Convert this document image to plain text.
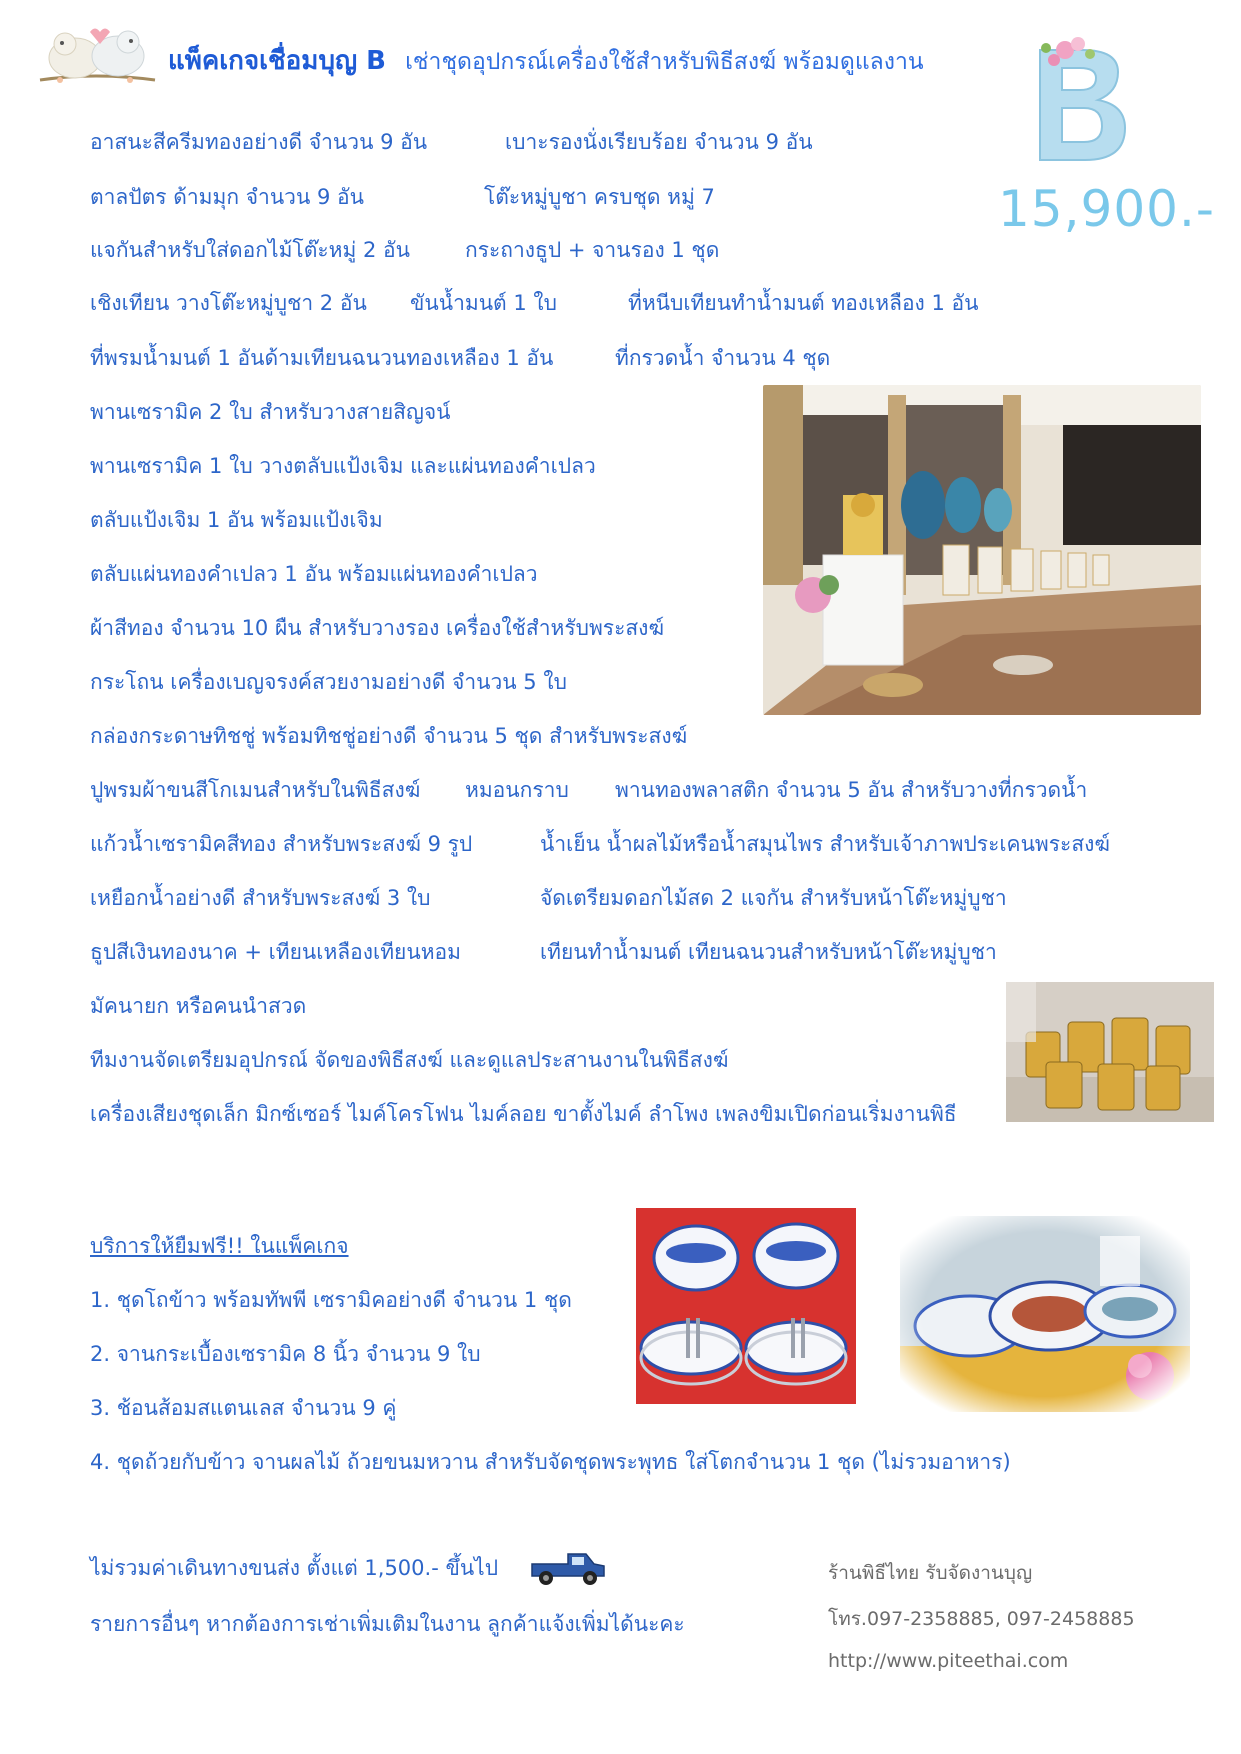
แพ็คเกจเชื่อมบุญ B เช่าชุดอุปกรณ์เครื่องใช้สำหรับพิธีสงฆ์ พร้อมดูแลงาน
15,900.-
อาสนะสีครีมทองอย่างดี จำนวน 9 อัน	เบาะรองนั่งเรียบร้อย จำนวน 9 อัน
ตาลปัตร ด้ามมุก จำนวน 9 อัน	โต๊ะหมู่บูชา ครบชุด หมู่ 7
แจกันสำหรับใส่ดอกไม้โต๊ะหมู่ 2 อัน	กระถางธูป + จานรอง 1 ชุด
เชิงเทียน วางโต๊ะหมู่บูชา 2 อัน ขันน้ำมนต์ 1 ใบ	ที่หนีบเทียนทำน้ำมนต์ ทองเหลือง 1 อัน
ที่พรมน้ำมนต์ 1 อันด้ามเทียนฉนวนทองเหลือง 1 อัน	ที่กรวดน้ำ จำนวน 4 ชุด
พานเซรามิค 2 ใบ สำหรับวางสายสิญจน์
พานเซรามิค 1 ใบ วางตลับแป้งเจิม และแผ่นทองคำเปลว
ตลับแป้งเจิม 1 อัน พร้อมแป้งเจิม
ตลับแผ่นทองคำเปลว 1 อัน พร้อมแผ่นทองคำเปลว
ผ้าสีทอง จำนวน 10 ผืน สำหรับวางรอง เครื่องใช้สำหรับพระสงฆ์
กระโถน เครื่องเบญจรงค์สวยงามอย่างดี จำนวน 5 ใบ
กล่องกระดาษทิชชู่ พร้อมทิชชู่อย่างดี จำนวน 5 ชุด สำหรับพระสงฆ์
ปูพรมผ้าขนสีโกเมนสำหรับในพิธีสงฆ์ หมอนกราบ พานทองพลาสติก จำนวน 5 อัน สำหรับวางที่กรวดน้ำ
แก้วน้ำเซรามิคสีทอง สำหรับพระสงฆ์ 9 รูป	น้ำเย็น น้ำผลไม้หรือน้ำสมุนไพร สำหรับเจ้าภาพประเคนพระสงฆ์
เหยือกน้ำอย่างดี สำหรับพระสงฆ์ 3 ใบ	จัดเตรียมดอกไม้สด 2 แจกัน สำหรับหน้าโต๊ะหมู่บูชา
ธูปสีเงินทองนาค + เทียนเหลืองเทียนหอม	เทียนทำน้ำมนต์ เทียนฉนวนสำหรับหน้าโต๊ะหมู่บูชา
มัคนายก หรือคนนำสวด
ทีมงานจัดเตรียมอุปกรณ์ จัดของพิธีสงฆ์ และดูแลประสานงานในพิธีสงฆ์
เครื่องเสียงชุดเล็ก มิกซ์เซอร์ ไมค์โครโฟน ไมค์ลอย ขาตั้งไมค์ ลำโพง เพลงขิมเปิดก่อนเริ่มงานพิธี
บริการให้ยืมฟรี!! ในแพ็คเกจ
1. ชุดโถข้าว พร้อมทัพพี เซรามิคอย่างดี จำนวน 1 ชุด
2. จานกระเบื้องเซรามิค 8 นิ้ว จำนวน 9 ใบ
3. ช้อนส้อมสแตนเลส จำนวน 9 คู่
4. ชุดถ้วยกับข้าว จานผลไม้ ถ้วยขนมหวาน สำหรับจัดชุดพระพุทธ ใส่โตกจำนวน 1 ชุด (ไม่รวมอาหาร)
ไม่รวมค่าเดินทางขนส่ง ตั้งแต่ 1,500.- ขึ้นไป
รายการอื่นๆ หากต้องการเช่าเพิ่มเติมในงาน ลูกค้าแจ้งเพิ่มได้นะคะ
ร้านพิธีไทย รับจัดงานบุญ
โทร.097-2358885, 097-2458885
http://www.piteethai.com
